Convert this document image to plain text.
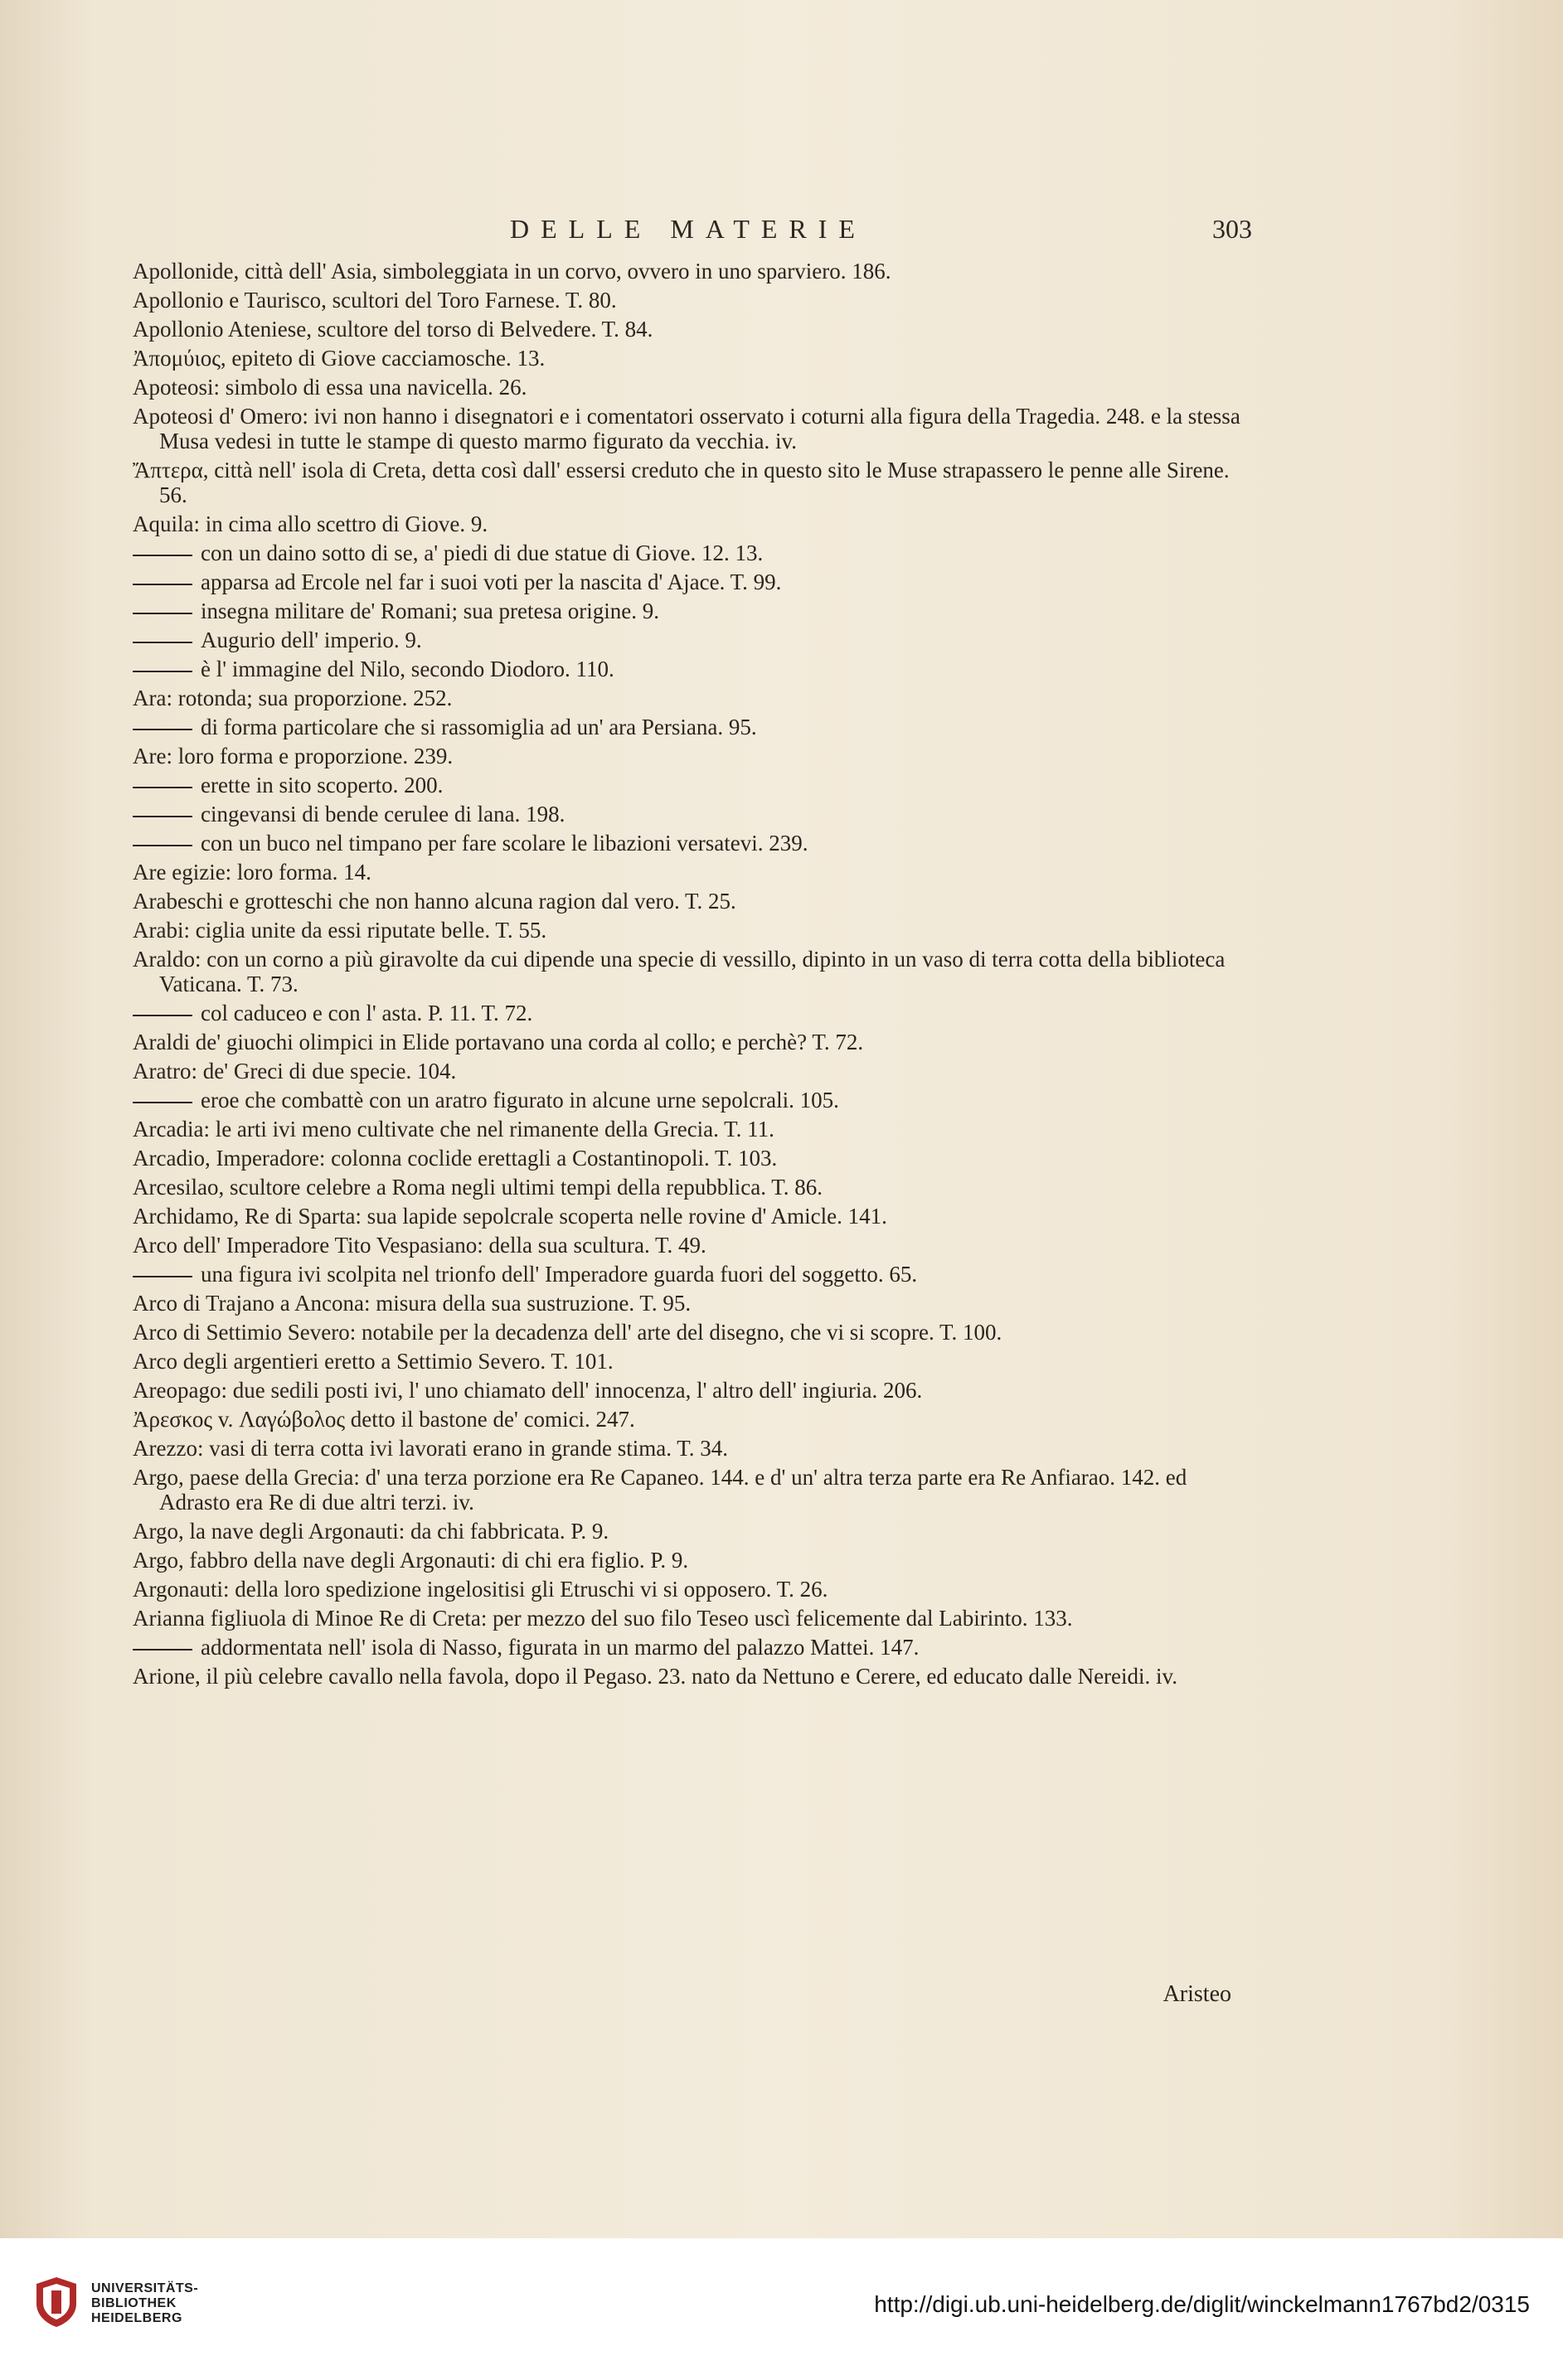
DELLE MATERIE	303
Apollonide, città dell' Asia, simboleggiata in un corvo, ovvero in uno sparviero. 186.
Apollonio e Taurisco, scultori del Toro Farnese. T. 80.
Apollonio Ateniese, scultore del torso di Belvedere. T. 84.
Ἀπομύιος, epiteto di Giove cacciamosche. 13.
Apoteosi: simbolo di essa una navicella. 26.
Apoteosi d' Omero: ivi non hanno i disegnatori e i comentatori osservato i coturni alla figura della Tragedia. 248. e la stessa Musa vedesi in tutte le stampe di questo marmo figurato da vecchia. iv.
Ἄπτερα, città nell' isola di Creta, detta così dall' essersi creduto che in questo sito le Muse strapassero le penne alle Sirene. 56.
Aquila: in cima allo scettro di Giove. 9.
con un daino sotto di se, a' piedi di due statue di Giove. 12. 13.
apparsa ad Ercole nel far i suoi voti per la nascita d' Ajace. T. 99.
insegna militare de' Romani; sua pretesa origine. 9.
Augurio dell' imperio. 9.
è l' immagine del Nilo, secondo Diodoro. 110.
Ara: rotonda; sua proporzione. 252.
di forma particolare che si rassomiglia ad un' ara Persiana. 95.
Are: loro forma e proporzione. 239.
erette in sito scoperto. 200.
cingevansi di bende cerulee di lana. 198.
con un buco nel timpano per fare scolare le libazioni versatevi. 239.
Are egizie: loro forma. 14.
Arabeschi e grotteschi che non hanno alcuna ragion dal vero. T. 25.
Arabi: ciglia unite da essi riputate belle. T. 55.
Araldo: con un corno a più giravolte da cui dipende una specie di vessillo, dipinto in un vaso di terra cotta della biblioteca Vaticana. T. 73.
col caduceo e con l' asta. P. 11. T. 72.
Araldi de' giuochi olimpici in Elide portavano una corda al collo; e perchè? T. 72.
Aratro: de' Greci di due specie. 104.
eroe che combattè con un aratro figurato in alcune urne sepolcrali. 105.
Arcadia: le arti ivi meno cultivate che nel rimanente della Grecia. T. 11.
Arcadio, Imperadore: colonna coclide erettagli a Costantinopoli. T. 103.
Arcesilao, scultore celebre a Roma negli ultimi tempi della repubblica. T. 86.
Archidamo, Re di Sparta: sua lapide sepolcrale scoperta nelle rovine d' Amicle. 141.
Arco dell' Imperadore Tito Vespasiano: della sua scultura. T. 49.
una figura ivi scolpita nel trionfo dell' Imperadore guarda fuori del soggetto. 65.
Arco di Trajano a Ancona: misura della sua sustruzione. T. 95.
Arco di Settimio Severo: notabile per la decadenza dell' arte del disegno, che vi si scopre. T. 100.
Arco degli argentieri eretto a Settimio Severo. T. 101.
Areopago: due sedili posti ivi, l' uno chiamato dell' innocenza, l' altro dell' ingiuria. 206.
Ἀρεσκος v. Λαγώβολος detto il bastone de' comici. 247.
Arezzo: vasi di terra cotta ivi lavorati erano in grande stima. T. 34.
Argo, paese della Grecia: d' una terza porzione era Re Capaneo. 144. e d' un' altra terza parte era Re Anfiarao. 142. ed Adrasto era Re di due altri terzi. iv.
Argo, la nave degli Argonauti: da chi fabbricata. P. 9.
Argo, fabbro della nave degli Argonauti: di chi era figlio. P. 9.
Argonauti: della loro spedizione ingelositisi gli Etruschi vi si opposero. T. 26.
Arianna figliuola di Minoe Re di Creta: per mezzo del suo filo Teseo uscì felicemente dal Labirinto. 133.
addormentata nell' isola di Nasso, figurata in un marmo del palazzo Mattei. 147.
Arione, il più celebre cavallo nella favola, dopo il Pegaso. 23. nato da Nettuno e Cerere, ed educato dalle Nereidi. iv.
Aristeo
UNIVERSITÄTS-
BIBLIOTHEK
HEIDELBERG
http://digi.ub.uni-heidelberg.de/diglit/winckelmann1767bd2/0315
